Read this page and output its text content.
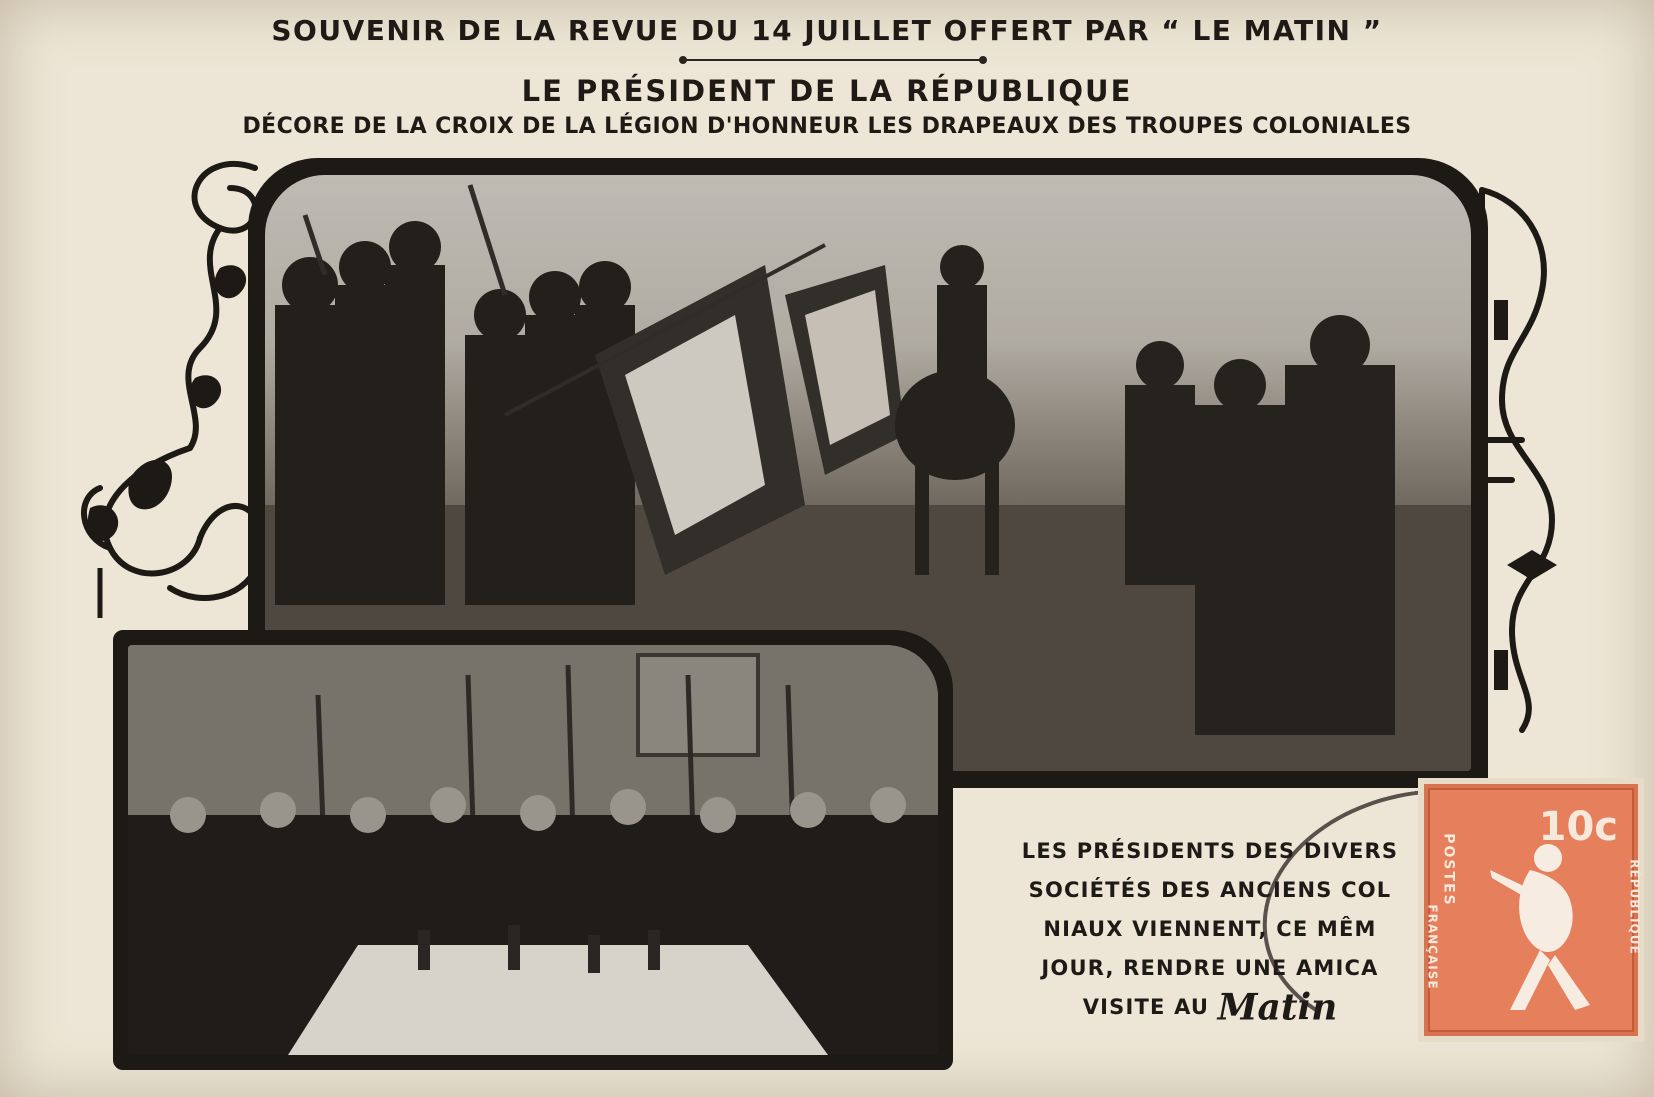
SOUVENIR DE LA REVUE DU 14 JUILLET OFFERT PAR “ LE MATIN ”
LE PRÉSIDENT DE LA RÉPUBLIQUE
DÉCORE DE LA CROIX DE LA LÉGION D'HONNEUR LES DRAPEAUX DES TROUPES COLONIALES
LES PRÉSIDENTS DES DIVERS
SOCIÉTÉS DES ANCIENS COL
NIAUX VIENNENT, CE MÊM
JOUR, RENDRE UNE AMICA
VISITE AU Matin
10c
POSTES	RÉPUBLIQUE
FRANÇAISE
